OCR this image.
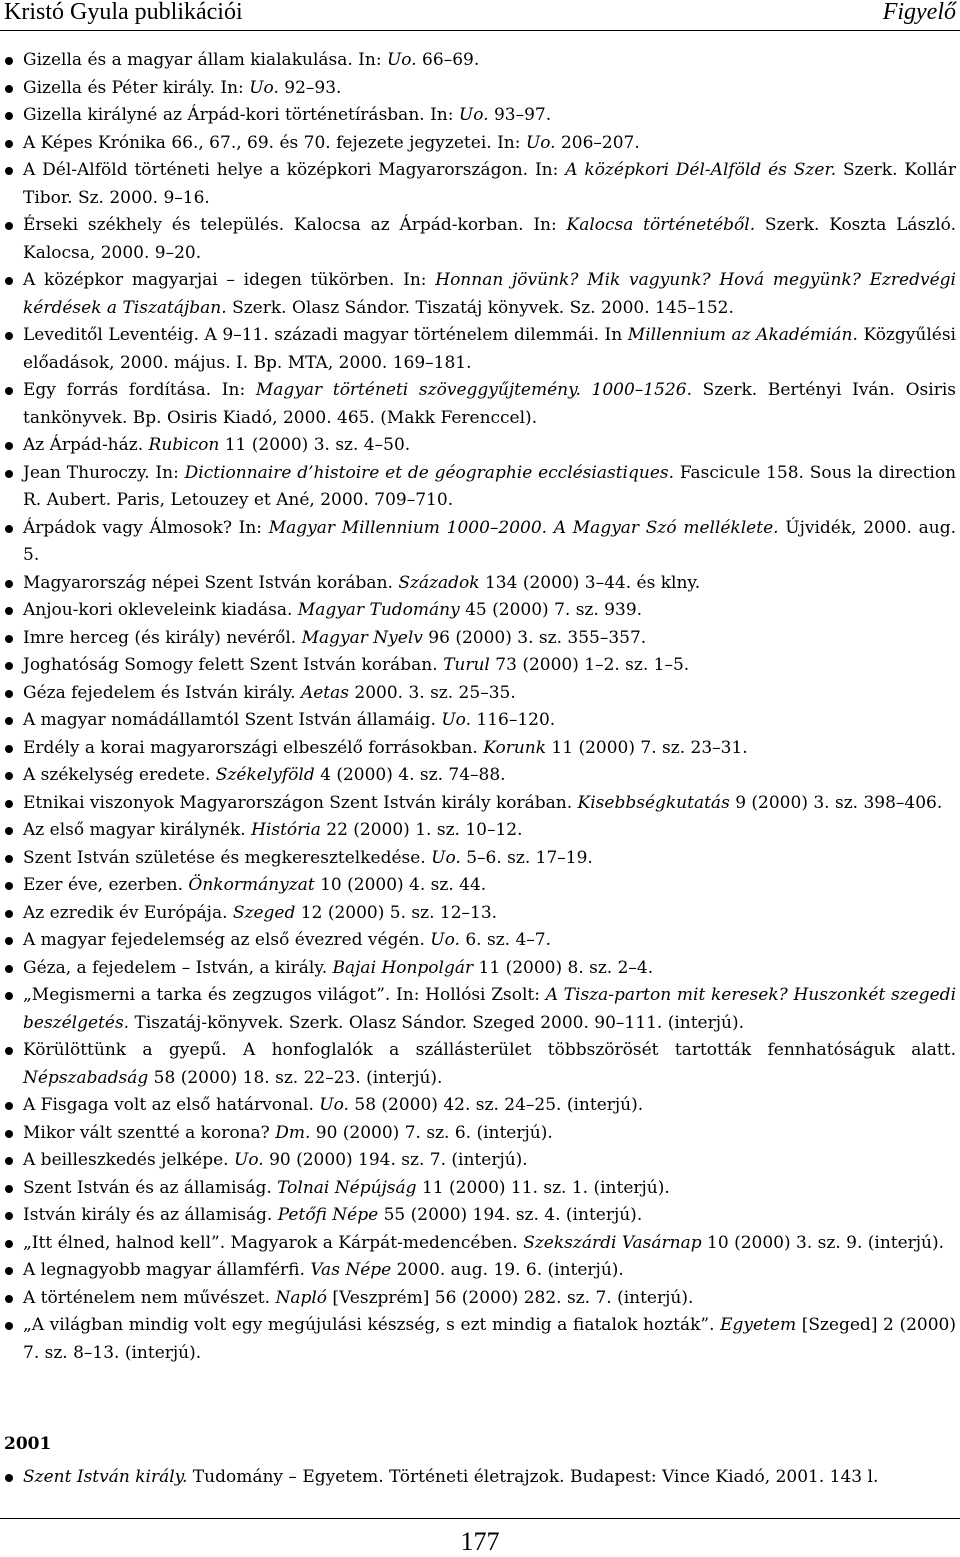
Kristó Gyula publikációi	Figyelő
Gizella és a magyar állam kialakulása. In: Uo. 66–69.
Gizella és Péter király. In: Uo. 92–93.
Gizella királyné az Árpád-kori történetírásban. In: Uo. 93–97.
A Képes Krónika 66., 67., 69. és 70. fejezete jegyzetei. In: Uo. 206–207.
A Dél-Alföld történeti helye a középkori Magyarországon. In: A középkori Dél-Alföld és Szer. Szerk. Kollár Tibor. Sz. 2000. 9–16.
Érseki székhely és település. Kalocsa az Árpád-korban. In: Kalocsa történetéből. Szerk. Koszta László. Kalocsa, 2000. 9–20.
A középkor magyarjai – idegen tükörben. In: Honnan jövünk? Mik vagyunk? Hová megyünk? Ezredvégi kérdések a Tiszatájban. Szerk. Olasz Sándor. Tiszatáj könyvek. Sz. 2000. 145–152.
Leveditől Leventéig. A 9–11. századi magyar történelem dilemmái. In Millennium az Akadémián. Közgyűlési előadások, 2000. május. I. Bp. MTA, 2000. 169–181.
Egy forrás fordítása. In: Magyar történeti szöveggyűjtemény. 1000–1526. Szerk. Bertényi Iván. Osiris tankönyvek. Bp. Osiris Kiadó, 2000. 465. (Makk Ferenccel).
Az Árpád-ház. Rubicon 11 (2000) 3. sz. 4–50.
Jean Thuroczy. In: Dictionnaire d’histoire et de géographie ecclésiastiques. Fascicule 158. Sous la direction R. Aubert. Paris, Letouzey et Ané, 2000. 709–710.
Árpádok vagy Álmosok? In: Magyar Millennium 1000–2000. A Magyar Szó melléklete. Újvidék, 2000. aug. 5.
Magyarország népei Szent István korában. Századok 134 (2000) 3–44. és klny.
Anjou-kori okleveleink kiadása. Magyar Tudomány 45 (2000) 7. sz. 939.
Imre herceg (és király) nevéről. Magyar Nyelv 96 (2000) 3. sz. 355–357.
Joghatóság Somogy felett Szent István korában. Turul 73 (2000) 1–2. sz. 1–5.
Géza fejedelem és István király. Aetas 2000. 3. sz. 25–35.
A magyar nomádállamtól Szent István államáig. Uo. 116–120.
Erdély a korai magyarországi elbeszélő forrásokban. Korunk 11 (2000) 7. sz. 23–31.
A székelység eredete. Székelyföld 4 (2000) 4. sz. 74–88.
Etnikai viszonyok Magyarországon Szent István király korában. Kisebbségkutatás 9 (2000) 3. sz. 398–406.
Az első magyar királynék. História 22 (2000) 1. sz. 10–12.
Szent István születése és megkeresztelkedése. Uo. 5–6. sz. 17–19.
Ezer éve, ezerben. Önkormányzat 10 (2000) 4. sz. 44.
Az ezredik év Európája. Szeged 12 (2000) 5. sz. 12–13.
A magyar fejedelemség az első évezred végén. Uo. 6. sz. 4–7.
Géza, a fejedelem – István, a király. Bajai Honpolgár 11 (2000) 8. sz. 2–4.
„Megismerni a tarka és zegzugos világot”. In: Hollósi Zsolt: A Tisza-parton mit keresek? Huszonkét szegedi beszélgetés. Tiszatáj-könyvek. Szerk. Olasz Sándor. Szeged 2000. 90–111. (interjú).
Körülöttünk a gyepű. A honfoglalók a szállásterület többszörösét tartották fennhatóságuk alatt. Népszabadság 58 (2000) 18. sz. 22–23. (interjú).
A Fisgaga volt az első határvonal. Uo. 58 (2000) 42. sz. 24–25. (interjú).
Mikor vált szentté a korona? Dm. 90 (2000) 7. sz. 6. (interjú).
A beilleszkedés jelképe. Uo. 90 (2000) 194. sz. 7. (interjú).
Szent István és az államiság. Tolnai Népújság 11 (2000) 11. sz. 1. (interjú).
István király és az államiság. Petőfi Népe 55 (2000) 194. sz. 4. (interjú).
„Itt élned, halnod kell”. Magyarok a Kárpát-medencében. Szekszárdi Vasárnap 10 (2000) 3. sz. 9. (interjú).
A legnagyobb magyar államférfi. Vas Népe 2000. aug. 19. 6. (interjú).
A történelem nem művészet. Napló [Veszprém] 56 (2000) 282. sz. 7. (interjú).
„A világban mindig volt egy megújulási készség, s ezt mindig a fiatalok hozták”. Egyetem [Szeged] 2 (2000) 7. sz. 8–13. (interjú).
2001
Szent István király. Tudomány – Egyetem. Történeti életrajzok. Budapest: Vince Kiadó, 2001. 143 l.
177
